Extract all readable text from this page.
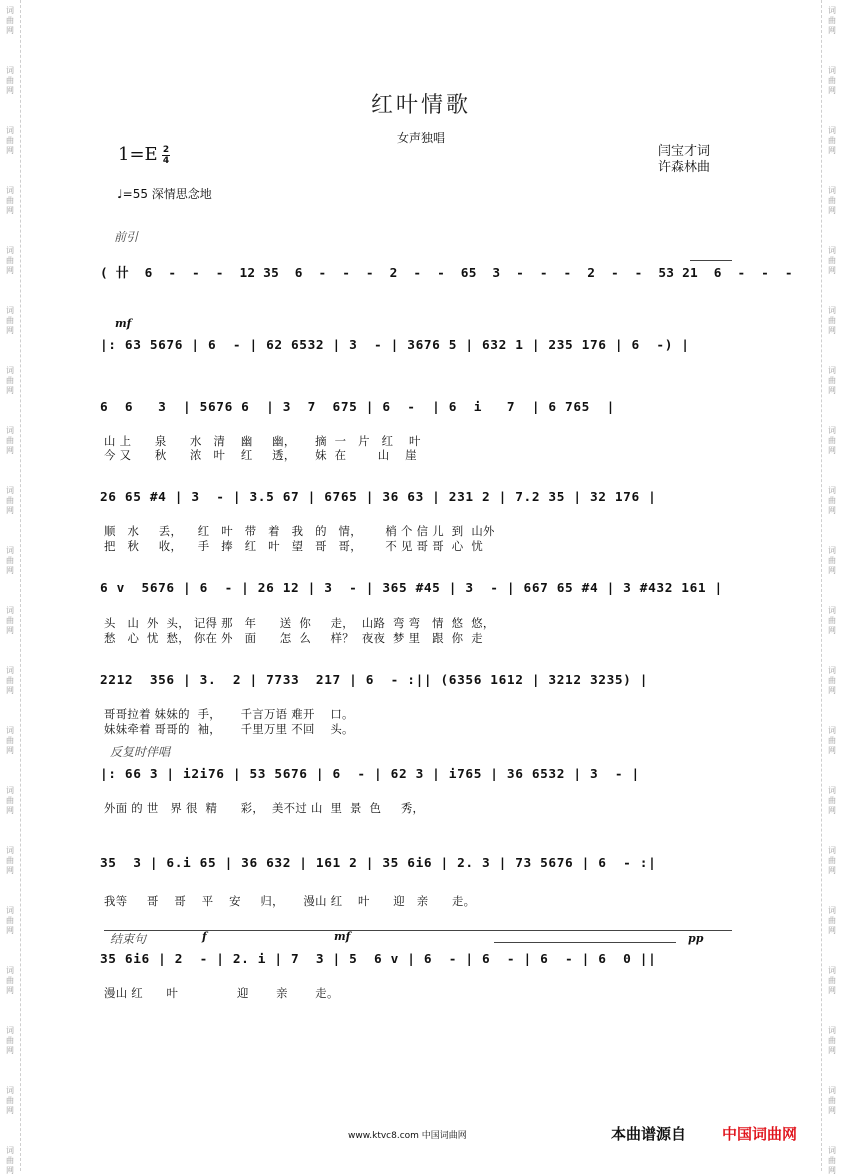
词
曲
网
词
曲
网
词
曲
网
词
曲
网
词
曲
网
词
曲
网
词
曲
网
词
曲
网
词
曲
网
词
曲
网
词
曲
网
词
曲
网
词
曲
网
词
曲
网
词
曲
网
词
曲
网
词
曲
网
词
曲
网
词
曲
网
词
曲
网
词
曲
网
词
曲
网
词
曲
网
词
曲
网
词
曲
网
词
曲
网
词
曲
网
词
曲
网
词
曲
网
词
曲
网
词
曲
网
词
曲
网
词
曲
网
词
曲
网
词
曲
网
词
曲
网
词
曲
网
词
曲
网
词
曲
网
词
曲
网
红叶情歌
女声独唱
1=E 2
4
闫宝才词
许森林曲
♩=55 深情思念地
前引
( 卄  6  -  -  -  12 35  6  -  -  -  2  -  -  65  3  -  -  -  2  -  -  53 21  6  -  -  -
mf
|: 63 5676 | 6  - | 62 6532 | 3  - | 3676 5 | 632 1 | 235 176 | 6  -) |
6  6   3  | 5676 6  | 3  7  675 | 6  -  | 6  i   7  | 6 765  |
山 上      泉      水   清    幽     幽，     摘  一   片   红    叶
今 又      秋      浓   叶    红     透，     妹  在        山    崖
26 65 #4 | 3  - | 3.5 67 | 6765 | 36 63 | 231 2 | 7.2 35 | 32 176 |
顺   水     丢，    红   叶   带   着   我   的   情，      梢 个 信 儿  到  山外
把   秋     收，    手   捧   红   叶   望   哥   哥，      不 见 哥 哥  心  忧
6 v  5676 | 6  - | 26 12 | 3  - | 365 #45 | 3  - | 667 65 #4 | 3 #432 161 |
头   山  外  头， 记得 那   年      送  你     走，  山路  弯 弯   情  悠  悠，
愁   心  忧  愁， 你在 外   面      怎  么     样？  夜夜  梦 里   跟  你  走
2212  356 | 3.  2 | 7733  217 | 6  - :|| (6356 1612 | 3212 3235) |
哥哥拉着 妹妹的  手，     千言万语 难开    口。
妹妹牵着 哥哥的  袖，     千里万里 不回    头。
反复时伴唱
|: 66 3 | i2i76 | 53 5676 | 6  - | 62 3 | i765 | 36 6532 | 3  - |
外面 的 世   界 很  精      彩，  美不过 山  里  景  色     秀，
35  3 | 6.i 65 | 36 632 | 161 2 | 35 6i6 | 2. 3 | 73 5676 | 6  - :|
我等     哥    哥    平    安     归，     漫山 红    叶      迎   亲      走。
结束句	f	mf	pp
35 6i6 | 2  - | 2. i | 7  3 | 5  6 v | 6  - | 6  - | 6  - | 6  0 ||
漫山 红      叶               迎       亲       走。
www.ktvc8.com 中国词曲网	本曲谱源自 中国词曲网
